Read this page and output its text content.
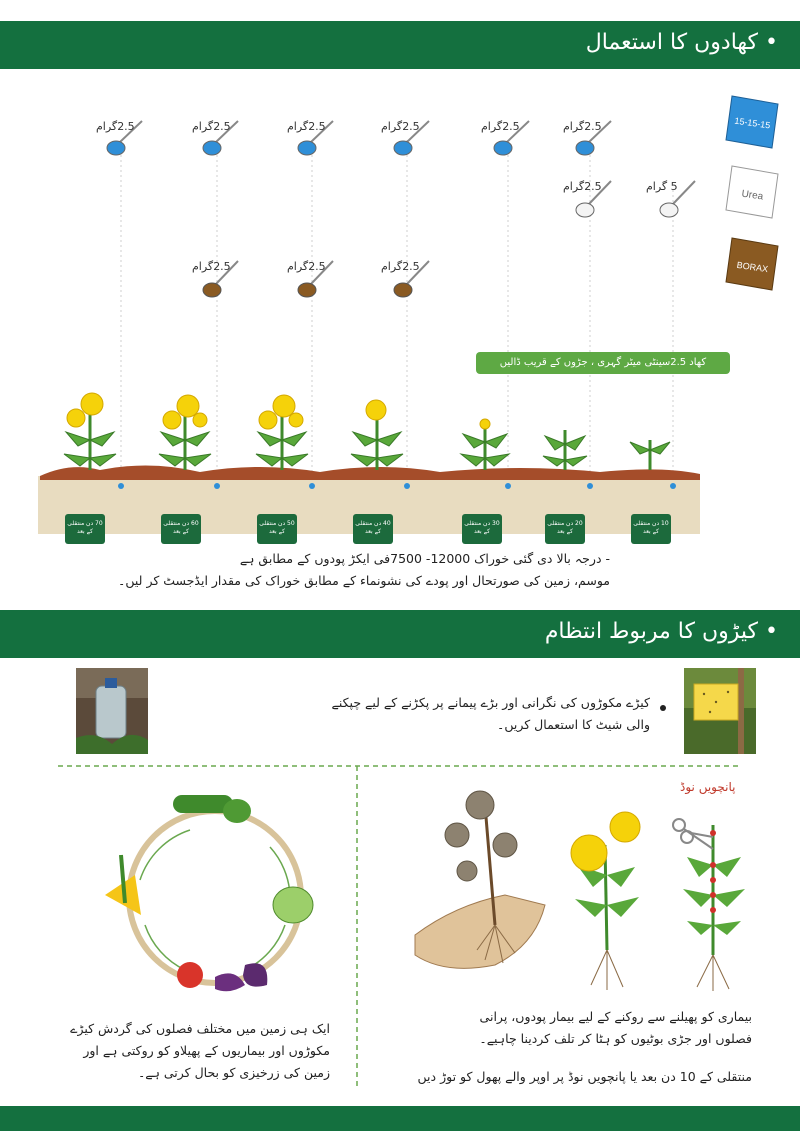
• کھادوں کا استعمال
2.5گرام	2.5گرام	2.5گرام	2.5گرام	2.5گرام	2.5گرام
2.5گرام	5 گرام
2.5گرام	2.5گرام	2.5گرام
15-15-15
Urea
BORAX
کھاد 2.5سینٹی میٹر گہری ، جڑوں کے قریب ڈالیں
70 دن منتقلی
کے بعد
60 دن منتقلی
کے بعد
50 دن منتقلی
کے بعد
40 دن منتقلی
کے بعد
30 دن منتقلی
کے بعد
20 دن منتقلی
کے بعد
10 دن منتقلی
کے بعد
- درجہ بالا دی گئی خوراک 12000- 7500فی ایکڑ پودوں کے مطابق ہے
موسم، زمین کی صورتحال اور پودے کی نشونماء کے مطابق خوراک کی مقدار ایڈجسٹ کر لیں۔
• کیڑوں کا مربوط انتظام
کیڑے مکوڑوں کی نگرانی اور بڑے پیمانے پر پکڑنے کے لیے چپکنے
والی شیٹ کا استعمال کریں۔
ایک ہی زمین میں مختلف فصلوں کی گردش کیڑے
مکوڑوں اور بیماریوں کے پھیلاو کو روکتی ہے اور
زمین کی زرخیزی کو بحال کرتی ہے۔
پانچویں نوڈ
بیماری کو پھیلنے سے روکنے کے لیے بیمار پودوں، پرانی
فصلوں اور جڑی بوٹیوں کو ہٹا کر تلف کردینا چاہیے۔
منتقلی کے 10 دن بعد یا پانچویں نوڈ پر اوپر والے پھول کو توڑ دیں
